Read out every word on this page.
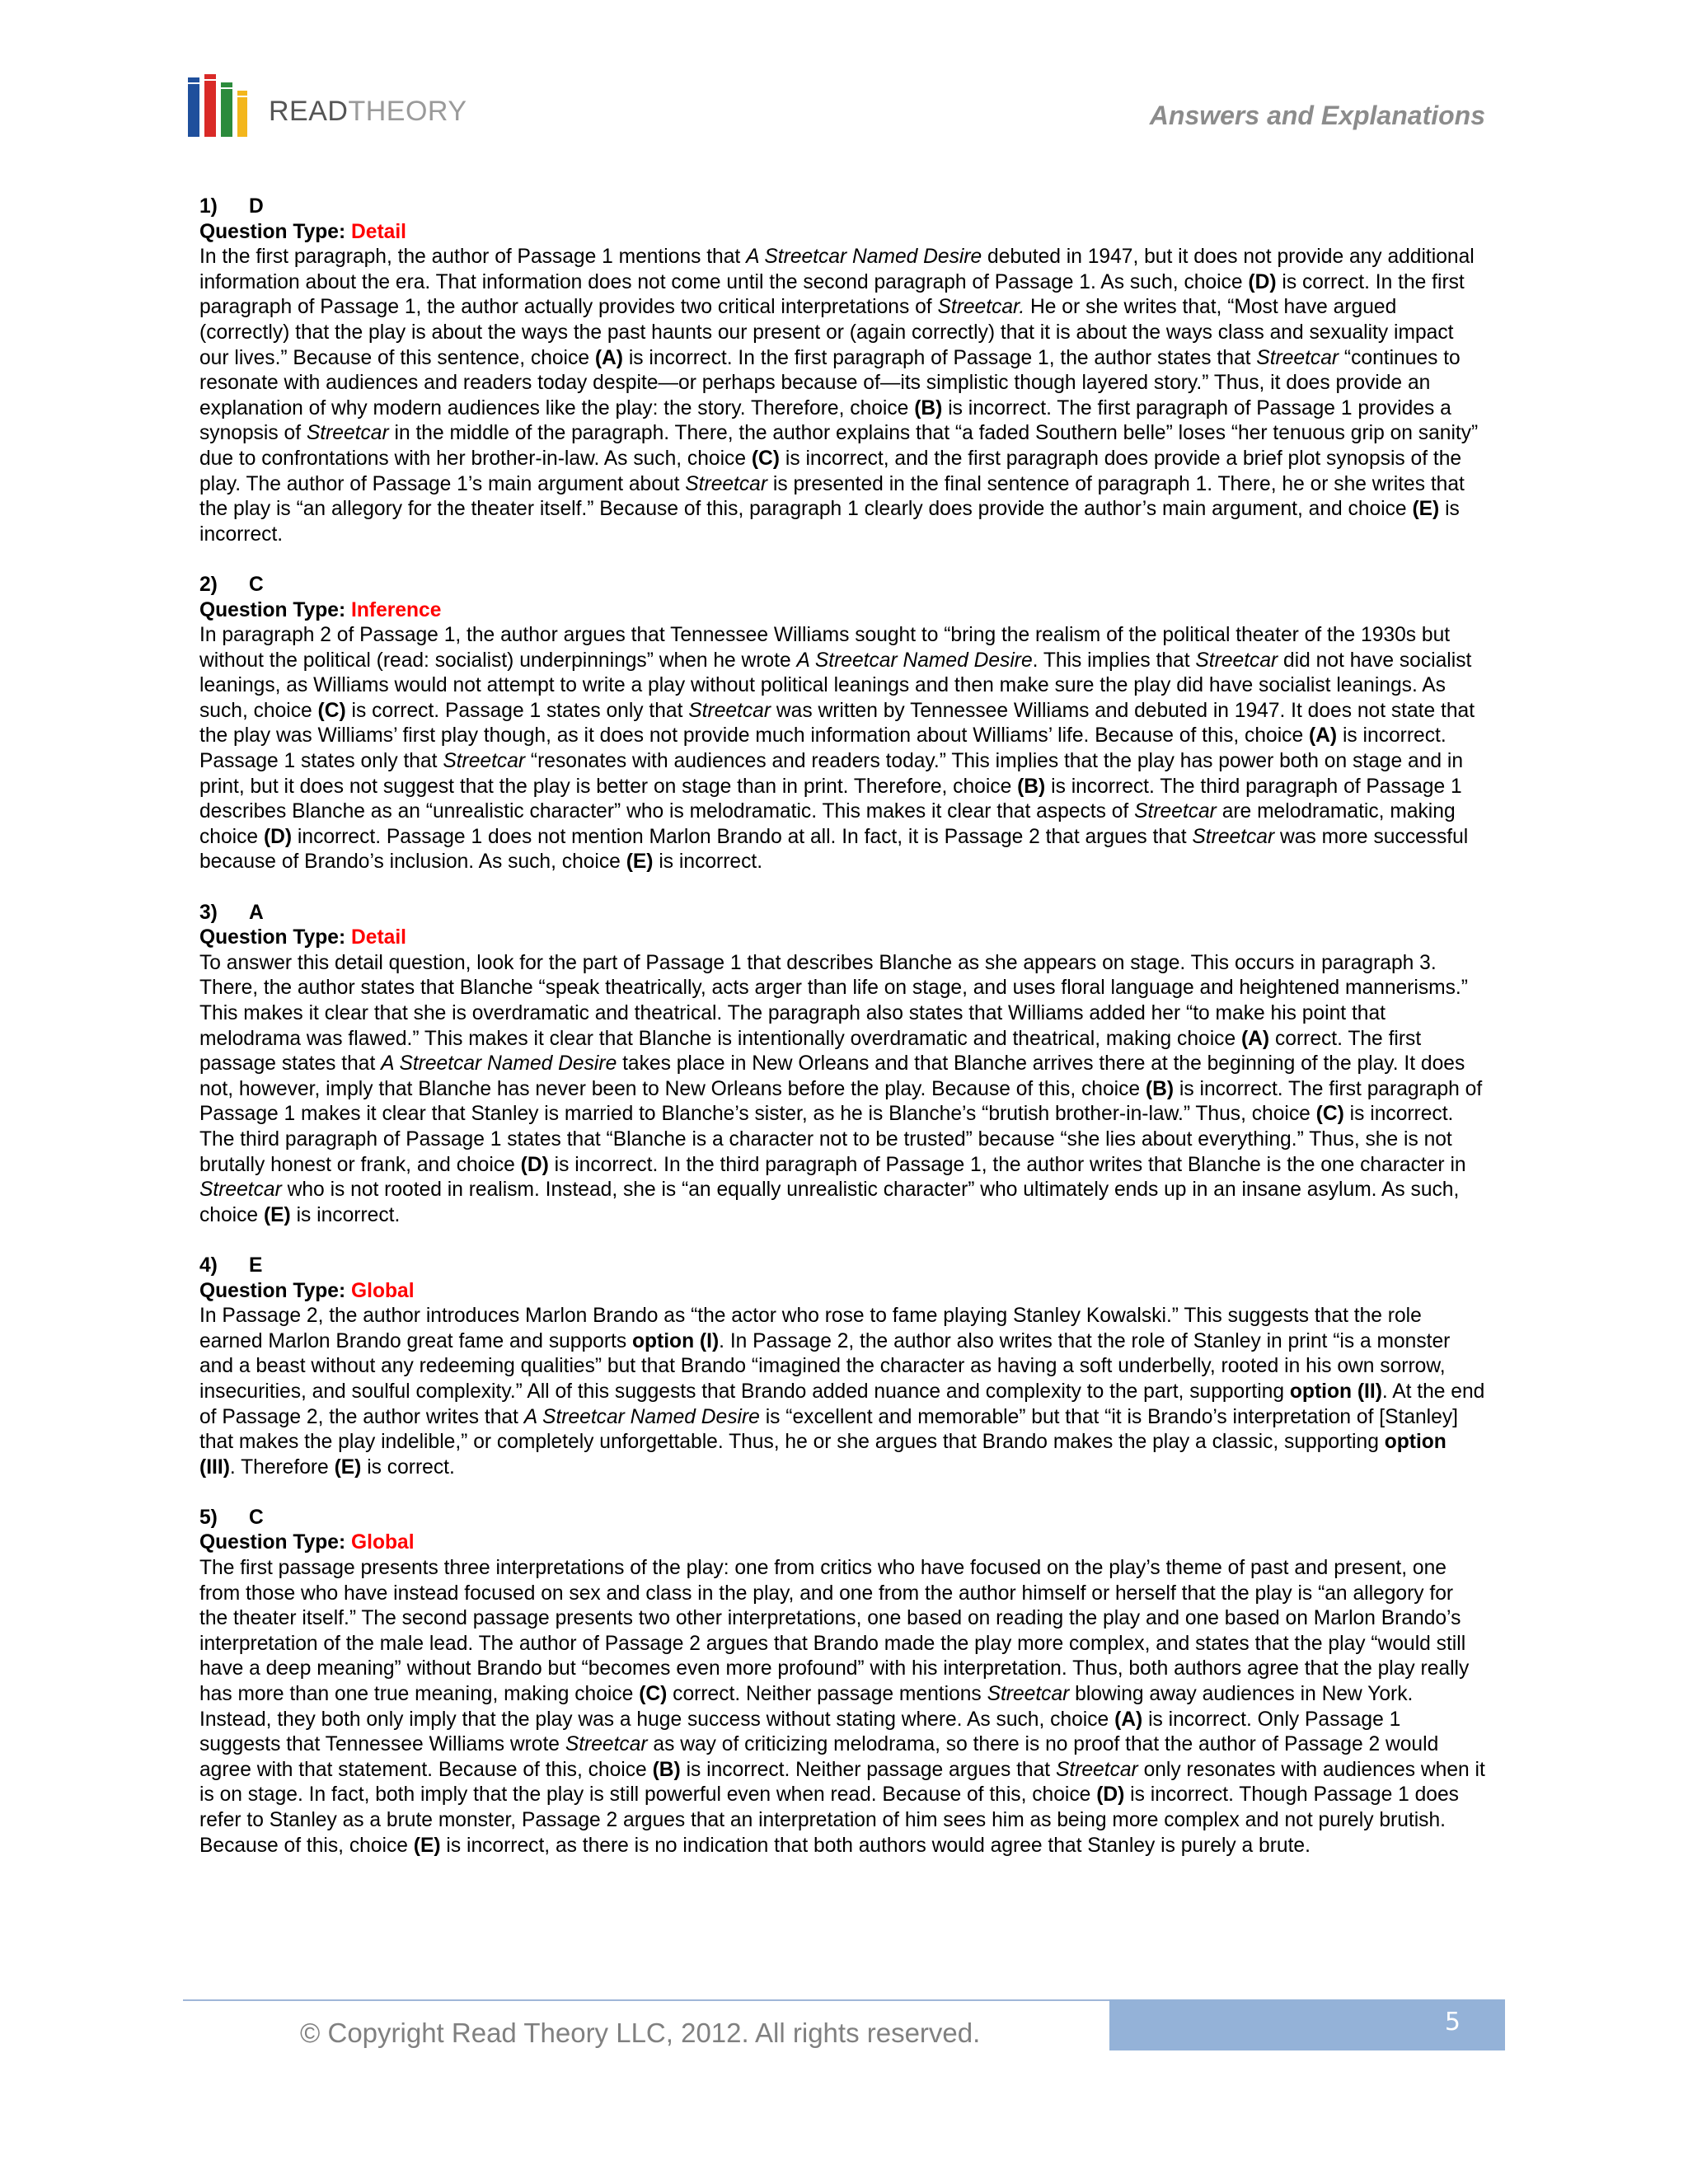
READTHEORY	Answers and Explanations
1) D
Question Type: Detail
In the first paragraph, the author of Passage 1 mentions that A Streetcar Named Desire debuted in 1947, but it does not provide any additional information about the era. That information does not come until the second paragraph of Passage 1. As such, choice (D) is correct. In the first paragraph of Passage 1, the author actually provides two critical interpretations of Streetcar. He or she writes that, “Most have argued (correctly) that the play is about the ways the past haunts our present or (again correctly) that it is about the ways class and sexuality impact our lives.” Because of this sentence, choice (A) is incorrect. In the first paragraph of Passage 1, the author states that Streetcar “continues to resonate with audiences and readers today despite—or perhaps because of—its simplistic though layered story.” Thus, it does provide an explanation of why modern audiences like the play: the story. Therefore, choice (B) is incorrect. The first paragraph of Passage 1 provides a synopsis of Streetcar in the middle of the paragraph. There, the author explains that “a faded Southern belle” loses “her tenuous grip on sanity” due to confrontations with her brother-in-law. As such, choice (C) is incorrect, and the first paragraph does provide a brief plot synopsis of the play. The author of Passage 1’s main argument about Streetcar is presented in the final sentence of paragraph 1. There, he or she writes that the play is “an allegory for the theater itself.” Because of this, paragraph 1 clearly does provide the author’s main argument, and choice (E) is incorrect.
2) C
Question Type: Inference
In paragraph 2 of Passage 1, the author argues that Tennessee Williams sought to “bring the realism of the political theater of the 1930s but without the political (read: socialist) underpinnings” when he wrote A Streetcar Named Desire. This implies that Streetcar did not have socialist leanings, as Williams would not attempt to write a play without political leanings and then make sure the play did have socialist leanings. As such, choice (C) is correct. Passage 1 states only that Streetcar was written by Tennessee Williams and debuted in 1947. It does not state that the play was Williams’ first play though, as it does not provide much information about Williams’ life. Because of this, choice (A) is incorrect. Passage 1 states only that Streetcar “resonates with audiences and readers today.” This implies that the play has power both on stage and in print, but it does not suggest that the play is better on stage than in print. Therefore, choice (B) is incorrect. The third paragraph of Passage 1 describes Blanche as an “unrealistic character” who is melodramatic. This makes it clear that aspects of Streetcar are melodramatic, making choice (D) incorrect. Passage 1 does not mention Marlon Brando at all. In fact, it is Passage 2 that argues that Streetcar was more successful because of Brando’s inclusion. As such, choice (E) is incorrect.
3) A
Question Type: Detail
To answer this detail question, look for the part of Passage 1 that describes Blanche as she appears on stage. This occurs in paragraph 3. There, the author states that Blanche “speak theatrically, acts arger than life on stage, and uses floral language and heightened mannerisms.” This makes it clear that she is overdramatic and theatrical. The paragraph also states that Williams added her “to make his point that melodrama was flawed.” This makes it clear that Blanche is intentionally overdramatic and theatrical, making choice (A) correct. The first passage states that A Streetcar Named Desire takes place in New Orleans and that Blanche arrives there at the beginning of the play. It does not, however, imply that Blanche has never been to New Orleans before the play. Because of this, choice (B) is incorrect. The first paragraph of Passage 1 makes it clear that Stanley is married to Blanche’s sister, as he is Blanche’s “brutish brother-in-law.” Thus, choice (C) is incorrect. The third paragraph of Passage 1 states that “Blanche is a character not to be trusted” because “she lies about everything.” Thus, she is not brutally honest or frank, and choice (D) is incorrect. In the third paragraph of Passage 1, the author writes that Blanche is the one character in Streetcar who is not rooted in realism. Instead, she is “an equally unrealistic character” who ultimately ends up in an insane asylum. As such, choice (E) is incorrect.
4) E
Question Type: Global
In Passage 2, the author introduces Marlon Brando as “the actor who rose to fame playing Stanley Kowalski.” This suggests that the role earned Marlon Brando great fame and supports option (I). In Passage 2, the author also writes that the role of Stanley in print “is a monster and a beast without any redeeming qualities” but that Brando “imagined the character as having a soft underbelly, rooted in his own sorrow, insecurities, and soulful complexity.” All of this suggests that Brando added nuance and complexity to the part, supporting option (II). At the end of Passage 2, the author writes that A Streetcar Named Desire is “excellent and memorable” but that “it is Brando’s interpretation of [Stanley] that makes the play indelible,” or completely unforgettable. Thus, he or she argues that Brando makes the play a classic, supporting option (III). Therefore (E) is correct.
5) C
Question Type: Global
The first passage presents three interpretations of the play: one from critics who have focused on the play’s theme of past and present, one from those who have instead focused on sex and class in the play, and one from the author himself or herself that the play is “an allegory for the theater itself.” The second passage presents two other interpretations, one based on reading the play and one based on Marlon Brando’s interpretation of the male lead. The author of Passage 2 argues that Brando made the play more complex, and states that the play “would still have a deep meaning” without Brando but “becomes even more profound” with his interpretation. Thus, both authors agree that the play really has more than one true meaning, making choice (C) correct. Neither passage mentions Streetcar blowing away audiences in New York. Instead, they both only imply that the play was a huge success without stating where. As such, choice (A) is incorrect. Only Passage 1 suggests that Tennessee Williams wrote Streetcar as way of criticizing melodrama, so there is no proof that the author of Passage 2 would agree with that statement. Because of this, choice (B) is incorrect. Neither passage argues that Streetcar only resonates with audiences when it is on stage. In fact, both imply that the play is still powerful even when read. Because of this, choice (D) is incorrect. Though Passage 1 does refer to Stanley as a brute monster, Passage 2 argues that an interpretation of him sees him as being more complex and not purely brutish. Because of this, choice (E) is incorrect, as there is no indication that both authors would agree that Stanley is purely a brute.
5
© Copyright Read Theory LLC, 2012. All rights reserved.
